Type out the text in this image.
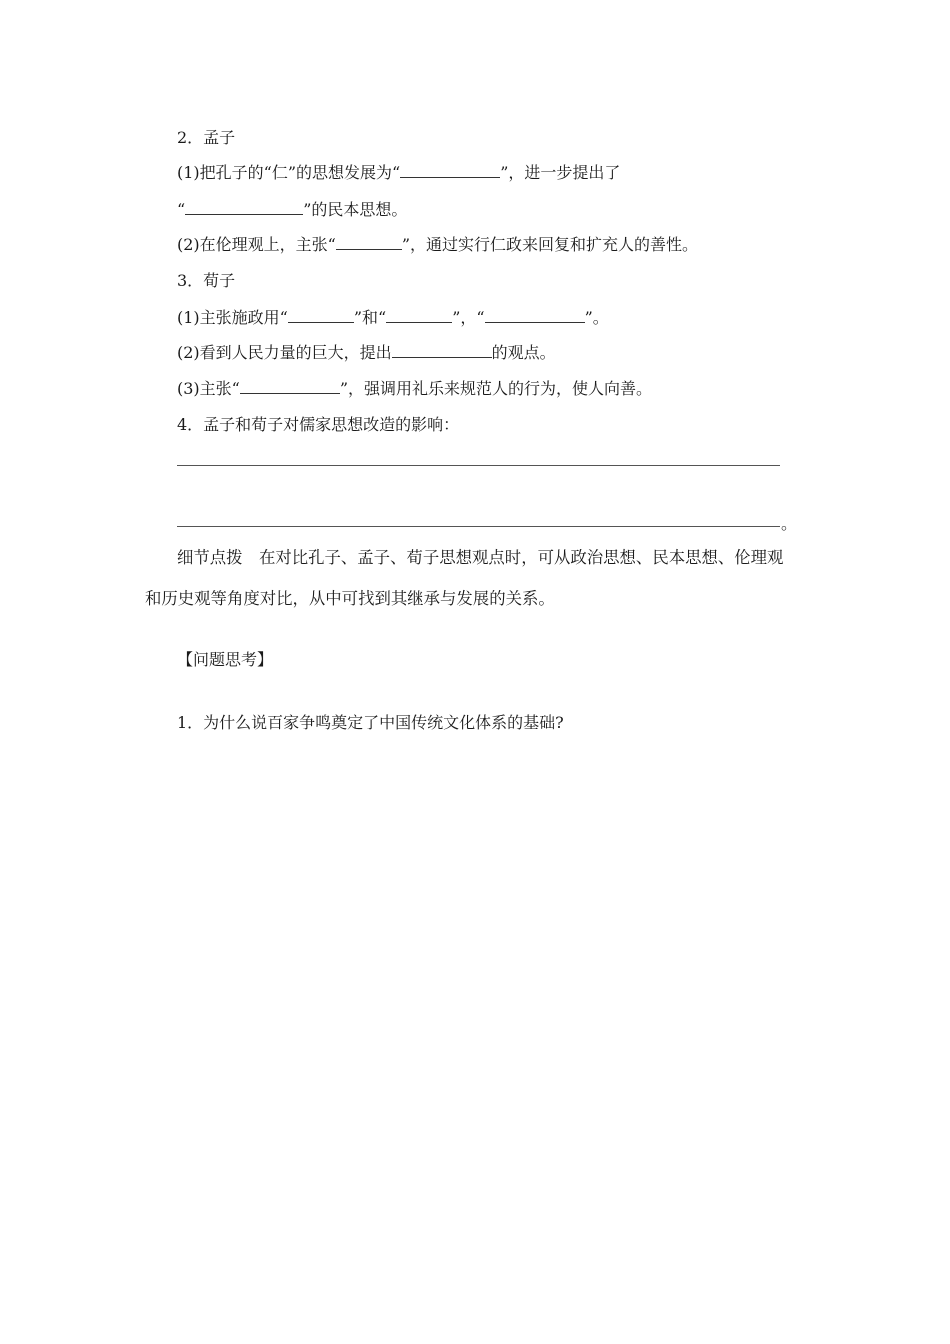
2．孟子
(1)把孔子的“仁”的思想发展为“	”，进一步提出了
“	”的民本思想。
(2)在伦理观上，主张“	”，通过实行仁政来回复和扩充人的善性。
3．荀子
(1)主张施政用“	”和“	”，“	”。
(2)看到人民力量的巨大，提出	的观点。
(3)主张“	”，强调用礼乐来规范人的行为，使人向善。
4．孟子和荀子对儒家思想改造的影响：
。
细节点拨　在对比孔子、孟子、荀子思想观点时，可从政治思想、民本思想、伦理观
和历史观等角度对比，从中可找到其继承与发展的关系。
【问题思考】
1．为什么说百家争鸣奠定了中国传统文化体系的基础?
